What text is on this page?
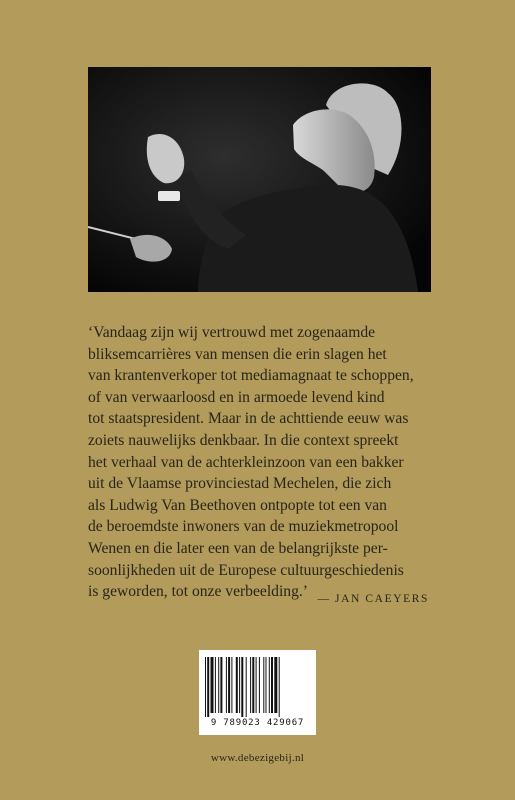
‘Vandaag zijn wij vertrouwd met zogenaamde
bliksemcarrières van mensen die erin slagen het
van krantenverkoper tot mediamagnaat te schoppen,
of van verwaarloosd en in armoede levend kind
tot staatspresident. Maar in de achttiende eeuw was
zoiets nauwelijks denkbaar. In die context spreekt
het verhaal van de achterkleinzoon van een bakker
uit de Vlaamse provinciestad Mechelen, die zich
als Ludwig Van Beethoven ontpopte tot een van
de beroemdste inwoners van de muziekmetropool
Wenen en die later een van de belangrijkste per-
soonlijkheden uit de Europese cultuurgeschiedenis
is geworden, tot onze verbeelding.’ — JAN CAEYERS
9 789023 429067
www.debezigebij.nl
